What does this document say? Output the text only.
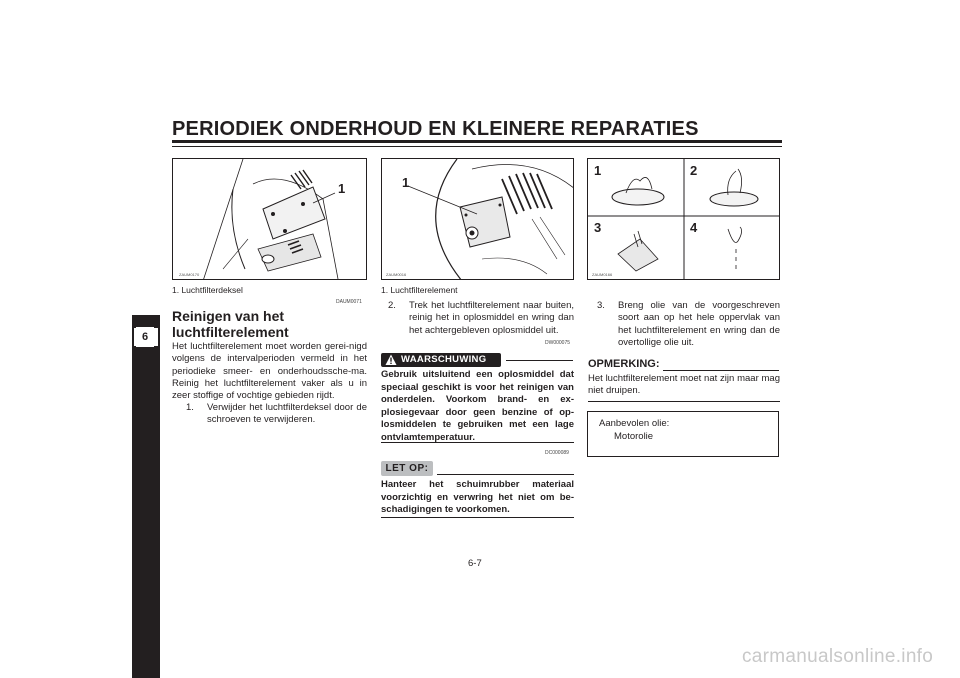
PERIODIEK ONDERHOUD EN KLEINERE REPARATIES
6
1
ZAUM0170
1. Luchtfilterdeksel
1
ZAUM0016
1. Luchtfilterelement
1	2
3	4
ZAUM0166
DAUM0071
Reinigen van het luchtfilterelement
Het luchtfilterelement moet worden gerei-nigd volgens de intervalperioden vermeld in het periodieke smeer- en onderhoudssche-ma. Reinig het luchtfilterelement vaker als u in zeer stoffige of vochtige gebieden rijdt.
1. Verwijder het luchtfilterdeksel door de schroeven te verwijderen.
2. Trek het luchtfilterelement naar buiten, reinig het in oplosmiddel en wring dan het achtergebleven oplosmiddel uit.
DW000075
WAARSCHUWING
Gebruik uitsluitend een oplosmiddel dat speciaal geschikt is voor het reinigen van onderdelen. Voorkom brand- en ex-plosiegevaar door geen benzine of op-losmiddelen te gebruiken met een lage ontvlamtemperatuur.
DC000089
LET OP:
Hanteer het schuimrubber materiaal voorzichtig en verwring het niet om be-schadigingen te voorkomen.
3. Breng olie van de voorgeschreven soort aan op het hele oppervlak van het luchtfilterelement en wring dan de overtollige olie uit.
OPMERKING:
Het luchtfilterelement moet nat zijn maar mag niet druipen.
Aanbevolen olie:
Motorolie
6-7
carmanualsonline.info
